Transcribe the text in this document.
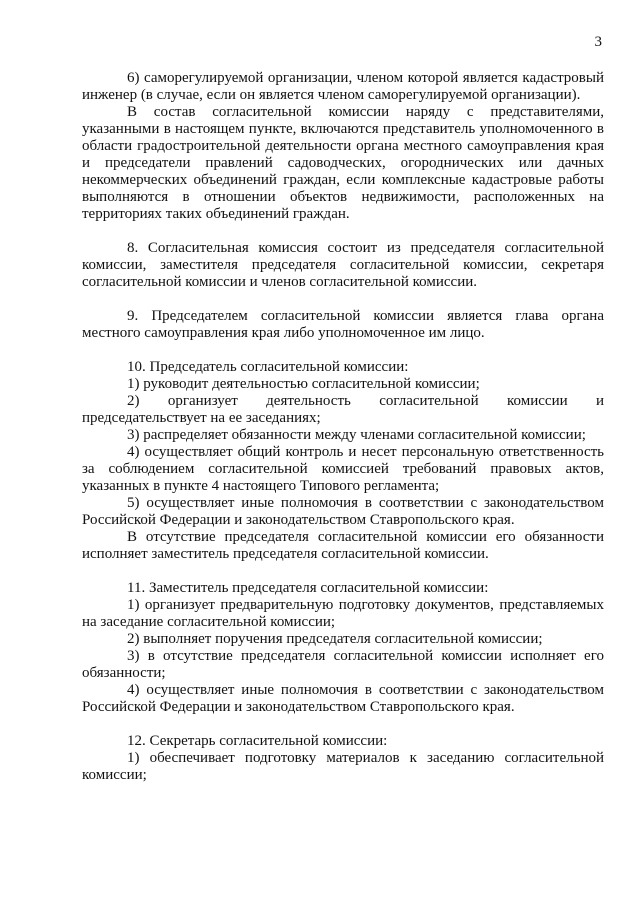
3

6) саморегулируемой организации, членом которой является кадастровый инженер (в случае, если он является членом саморегулируемой организации).

В состав согласительной комиссии наряду с представителями, указанными в настоящем пункте, включаются представитель уполномоченного в области градостроительной деятельности органа местного самоуправления края и председатели правлений садоводческих, огороднических или дачных некоммерческих объединений граждан, если комплексные кадастровые работы выполняются в отношении объектов недвижимости, расположенных на территориях таких объединений граждан.

8. Согласительная комиссия состоит из председателя согласительной комиссии, заместителя председателя согласительной комиссии, секретаря согласительной комиссии и членов согласительной комиссии.

9. Председателем согласительной комиссии является глава органа местного самоуправления края либо уполномоченное им лицо.

10. Председатель согласительной комиссии:

1) руководит деятельностью согласительной комиссии;

2) организует деятельность согласительной комиссии и председательствует на ее заседаниях;

3) распределяет обязанности между членами согласительной комиссии;

4) осуществляет общий контроль и несет персональную ответственность за соблюдением согласительной комиссией требований правовых актов, указанных в пункте 4 настоящего Типового регламента;

5) осуществляет иные полномочия в соответствии с законодательством Российской Федерации и законодательством Ставропольского края.

В отсутствие председателя согласительной комиссии его обязанности исполняет заместитель председателя согласительной комиссии.

11. Заместитель председателя согласительной комиссии:

1) организует предварительную подготовку документов, представляемых на заседание согласительной комиссии;

2) выполняет поручения председателя согласительной комиссии;

3) в отсутствие председателя согласительной комиссии исполняет его обязанности;

4) осуществляет иные полномочия в соответствии с законодательством Российской Федерации и законодательством Ставропольского края.

12. Секретарь согласительной комиссии:

1) обеспечивает подготовку материалов к заседанию согласительной комиссии;
